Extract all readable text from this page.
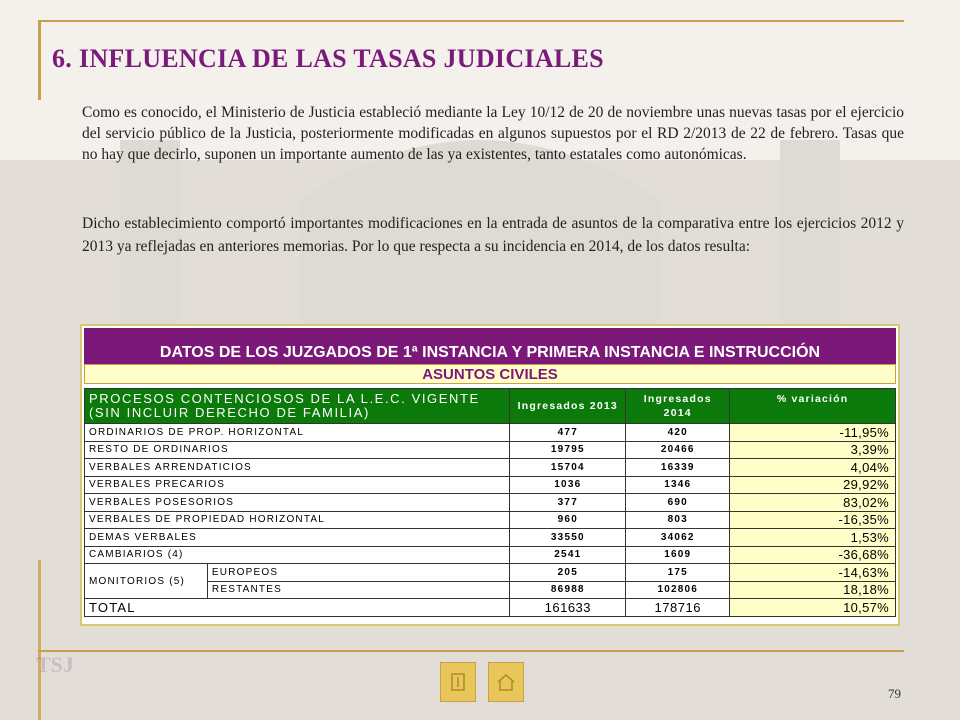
6. INFLUENCIA DE LAS TASAS JUDICIALES
Como es conocido, el Ministerio de Justicia estableció mediante la Ley 10/12 de 20 de noviembre unas nuevas tasas por el ejercicio del servicio público de la Justicia, posteriormente modificadas en algunos supuestos por el RD 2/2013 de 22 de febrero. Tasas que no hay que decirlo, suponen un importante aumento de las ya existentes, tanto estatales como autonómicas.
Dicho establecimiento comportó importantes modificaciones en la entrada de asuntos de la comparativa entre los ejercicios 2012 y 2013 ya reflejadas en anteriores memorias. Por lo que respecta a su incidencia en 2014, de los datos resulta:
DATOS DE LOS JUZGADOS DE 1ª INSTANCIA Y PRIMERA INSTANCIA E INSTRUCCIÓN
ASUNTOS CIVILES
PROCESOS CONTENCIOSOS DE LA L.E.C. VIGENTE (SIN INCLUIR DERECHO DE FAMILIA)		Ingresados 2013	Ingresados 2014	% variación
ORDINARIOS DE PROP. HORIZONTAL		477	420	-11,95%
RESTO DE ORDINARIOS		19795	20466	3,39%
VERBALES ARRENDATICIOS		15704	16339	4,04%
VERBALES PRECARIOS		1036	1346	29,92%
VERBALES POSESORIOS		377	690	83,02%
VERBALES DE PROPIEDAD HORIZONTAL		960	803	-16,35%
DEMAS VERBALES		33550	34062	1,53%
CAMBIARIOS (4)		2541	1609	-36,68%
MONITORIOS (5)	EUROPEOS	205	175	-14,63%
	RESTANTES	86988	102806	18,18%
TOTAL		161633	178716	10,57%
TSJ
79
